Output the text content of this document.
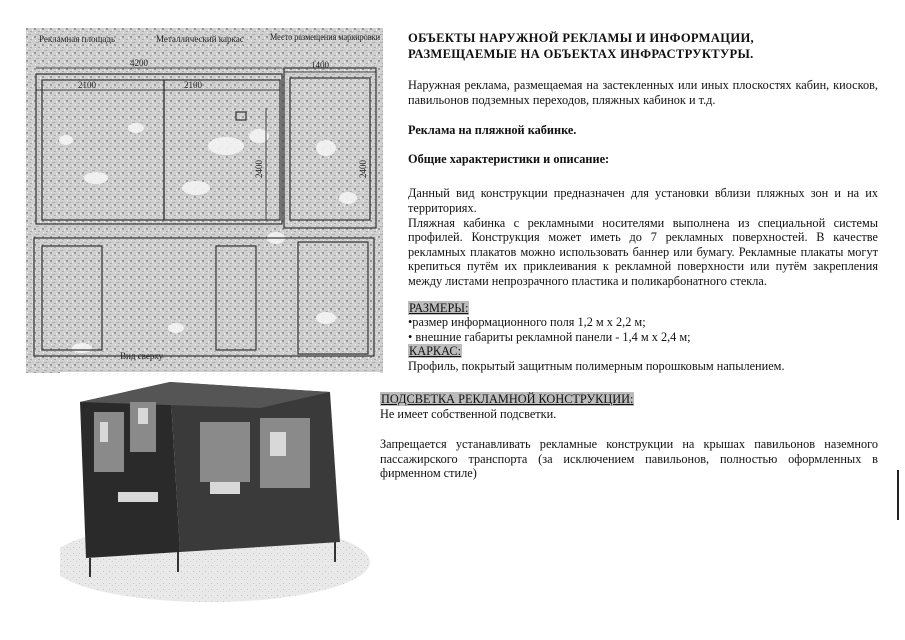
Рекламная площадь	Металлический каркас	Место размещения маркировки
4200
2100	2100
1400
2400	2400
Вид сверху

ОБЪЕКТЫ НАРУЖНОЙ РЕКЛАМЫ И ИНФОРМАЦИИ,

РАЗМЕЩАЕМЫЕ НА ОБЪЕКТАХ ИНФРАСТРУКТУРЫ.

Наружная реклама, размещаемая на застекленных или иных плоскостях кабин, киосков, павильонов подземных переходов, пляжных кабинок и т.д.

Реклама на пляжной кабинке.

Общие характеристики и описание:

Данный вид конструкции предназначен для установки вблизи пляжных зон и на их территориях.

Пляжная кабинка с рекламными носителями выполнена из специальной системы профилей. Конструкция может иметь до 7 рекламных поверхностей. В качестве рекламных плакатов можно использовать баннер или бумагу. Рекламные плакаты могут крепиться путём их приклеивания к рекламной поверхности или путём закрепления между листами непрозрачного пластика и поликарбонатного стекла.

РАЗМЕРЫ:

•размер информационного поля 1,2 м х 2,2 м;

• внешние габариты рекламной панели - 1,4 м х 2,4 м;

КАРКАС:

Профиль, покрытый защитным полимерным порошковым напылением.

ПОДСВЕТКА РЕКЛАМНОЙ КОНСТРУКЦИИ:

Не имеет собственной подсветки.

Запрещается устанавливать рекламные конструкции на крышах павильонов наземного пассажирского транспорта (за исключением павильонов, полностью оформленных в фирменном стиле)
